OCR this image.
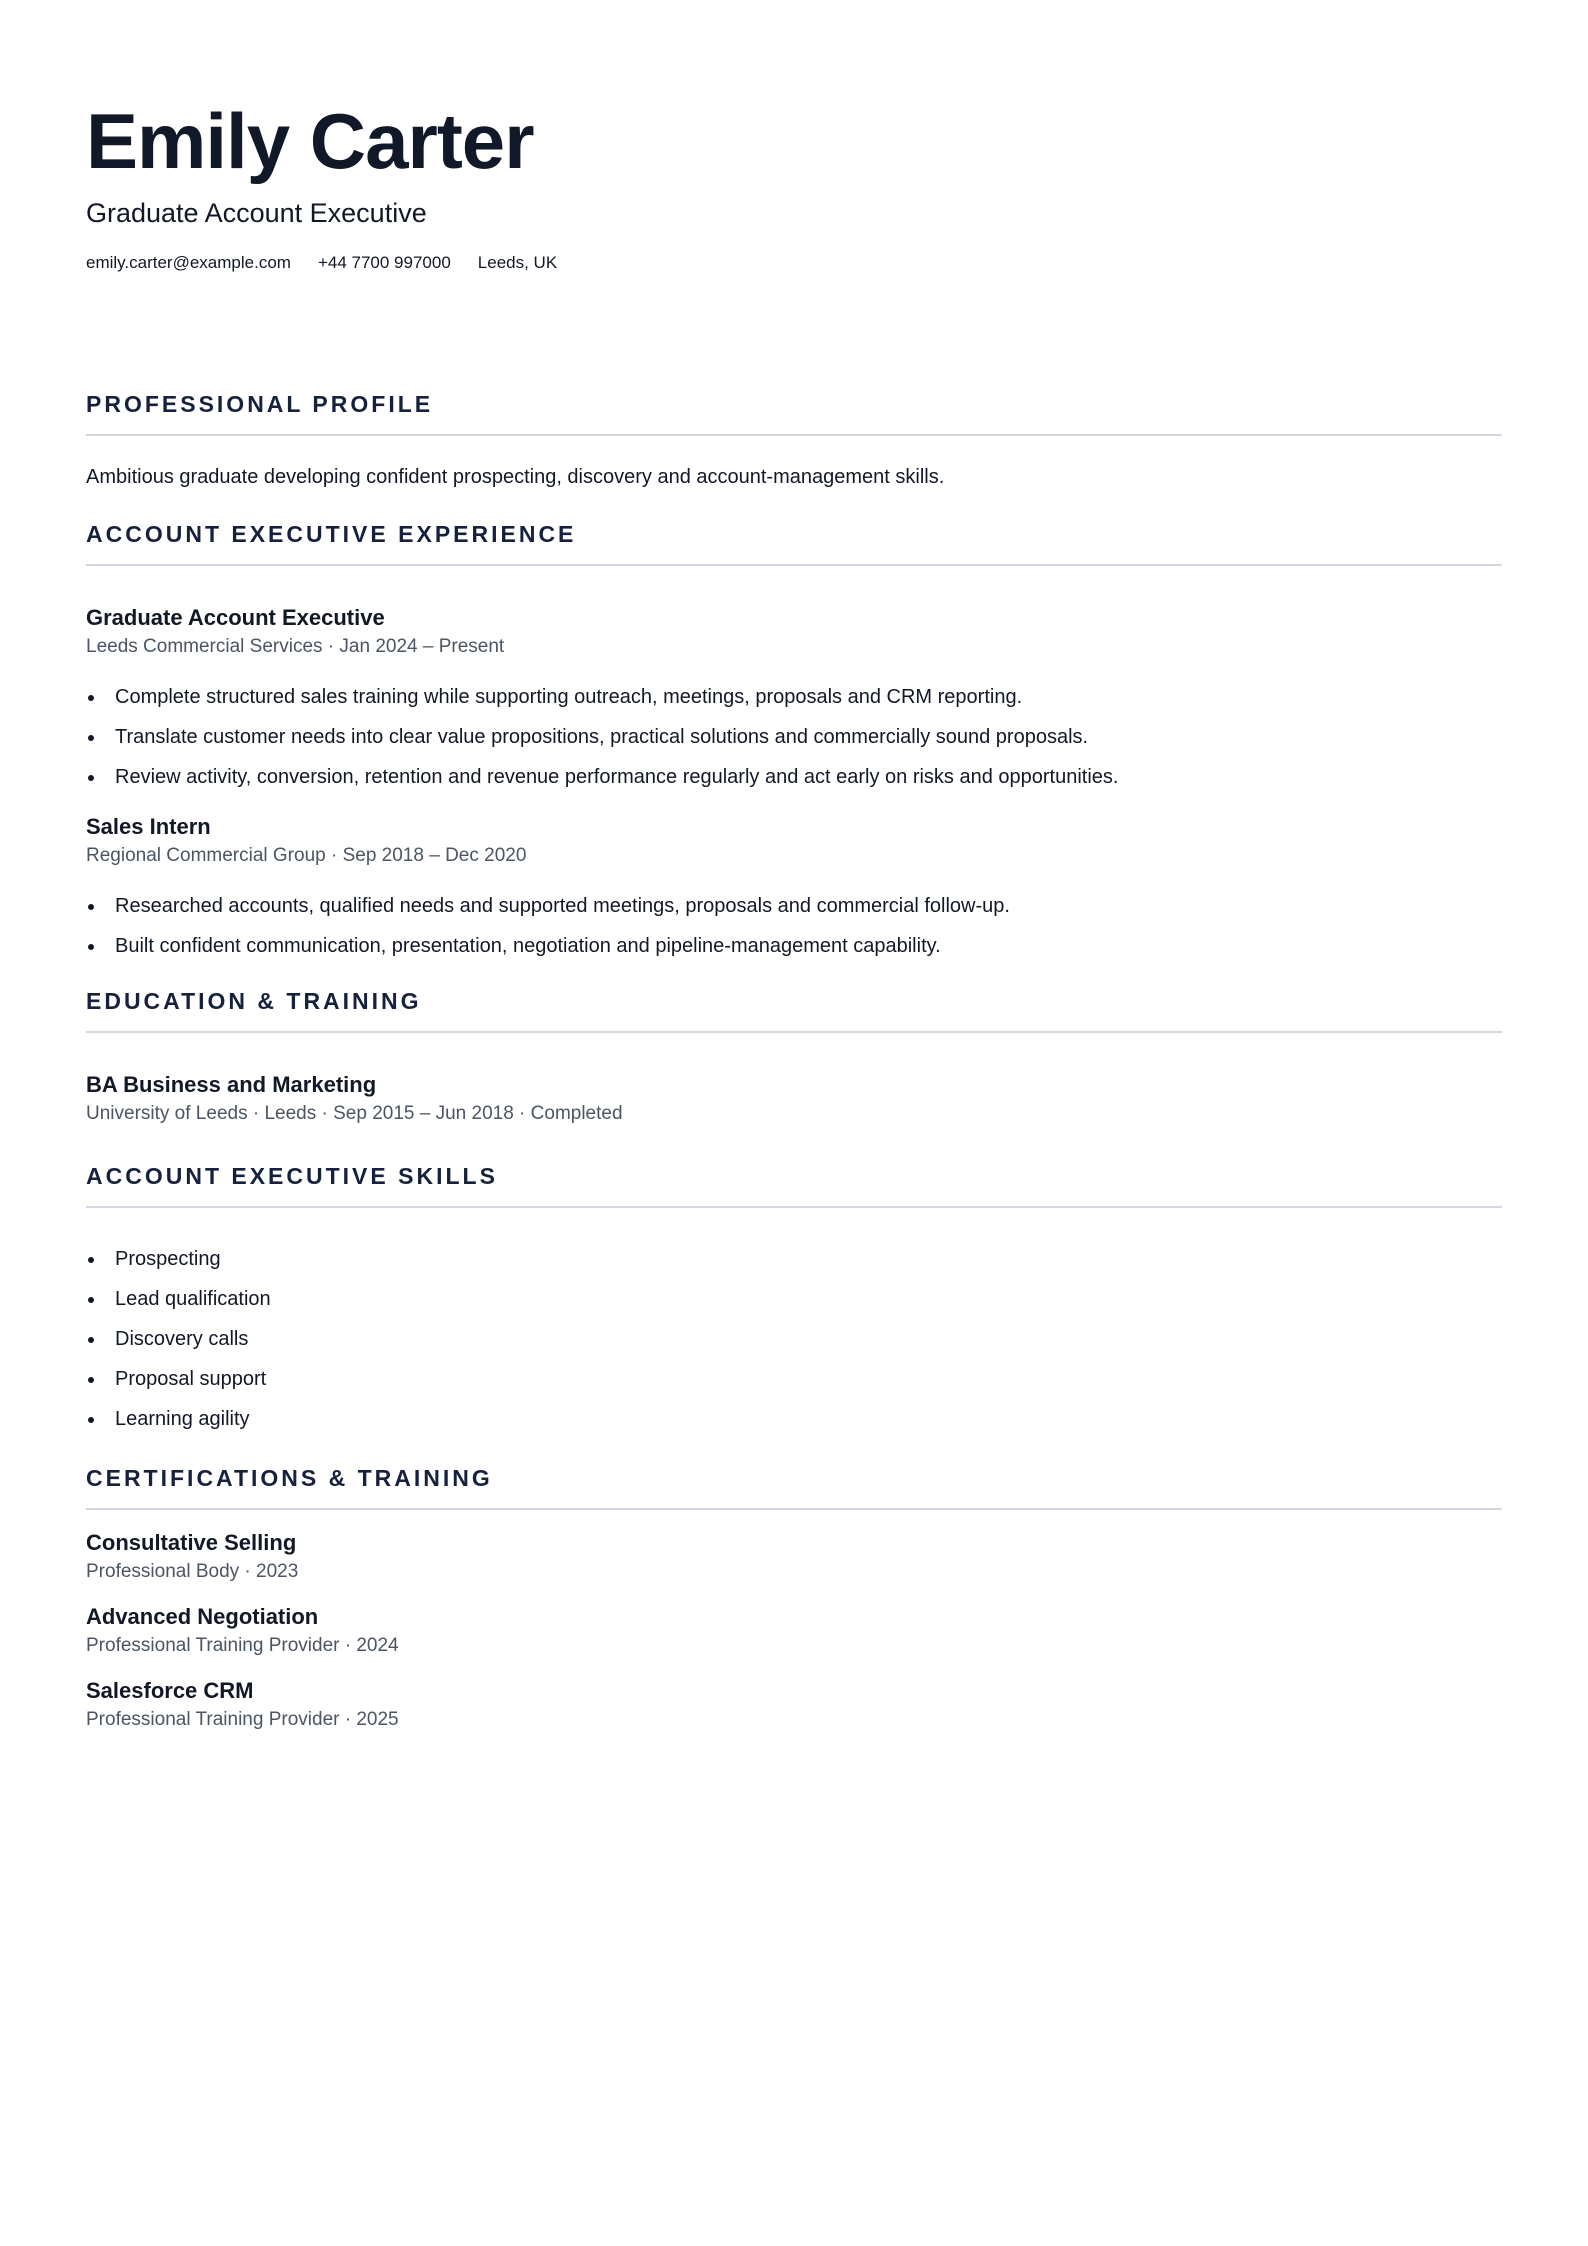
Emily Carter
Graduate Account Executive
emily.carter@example.com +44 7700 997000 Leeds, UK
PROFESSIONAL PROFILE
Ambitious graduate developing confident prospecting, discovery and account-management skills.
ACCOUNT EXECUTIVE EXPERIENCE
Graduate Account Executive
Leeds Commercial Services · Jan 2024 – Present
Complete structured sales training while supporting outreach, meetings, proposals and CRM reporting.
Translate customer needs into clear value propositions, practical solutions and commercially sound proposals.
Review activity, conversion, retention and revenue performance regularly and act early on risks and opportunities.
Sales Intern
Regional Commercial Group · Sep 2018 – Dec 2020
Researched accounts, qualified needs and supported meetings, proposals and commercial follow-up.
Built confident communication, presentation, negotiation and pipeline-management capability.
EDUCATION & TRAINING
BA Business and Marketing
University of Leeds · Leeds · Sep 2015 – Jun 2018 · Completed
ACCOUNT EXECUTIVE SKILLS
Prospecting
Lead qualification
Discovery calls
Proposal support
Learning agility
CERTIFICATIONS & TRAINING
Consultative Selling
Professional Body · 2023
Advanced Negotiation
Professional Training Provider · 2024
Salesforce CRM
Professional Training Provider · 2025
